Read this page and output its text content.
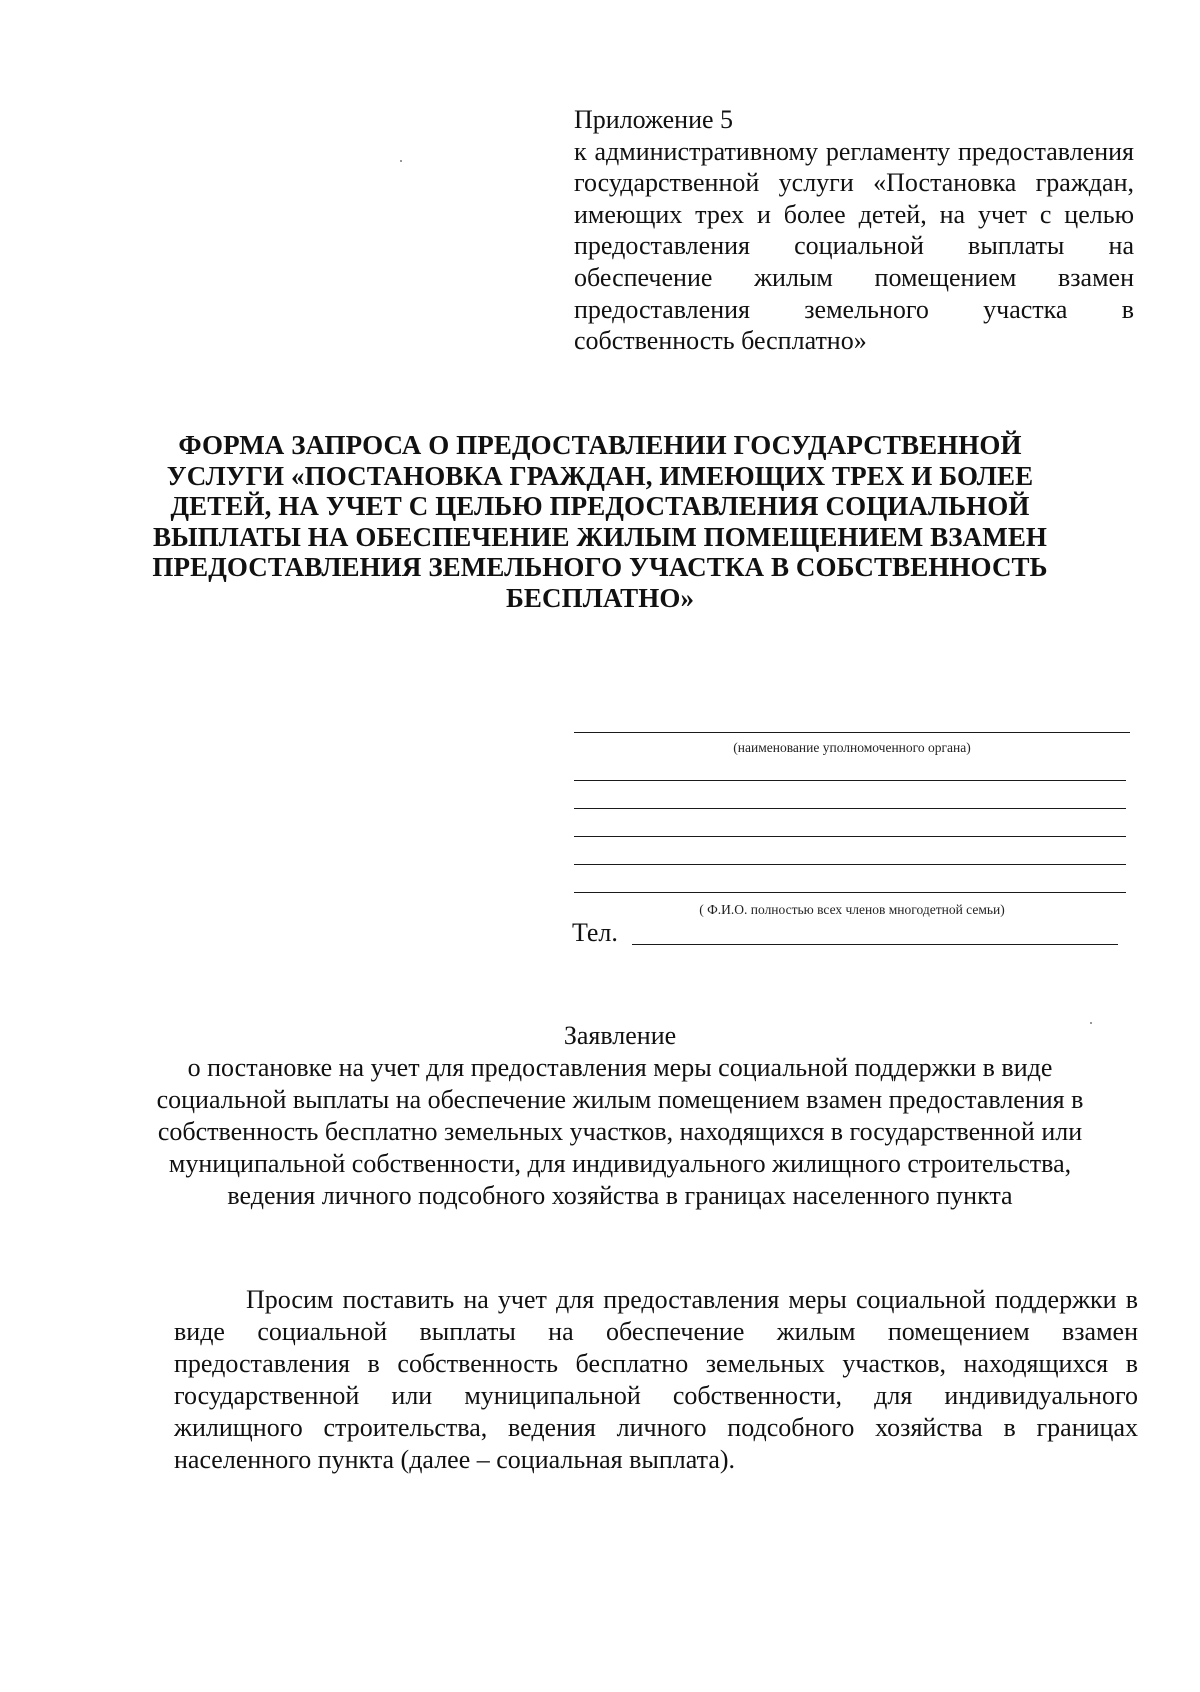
Приложение 5
к административному регламенту предоставления государственной услуги «Постановка граждан, имеющих трех и более детей, на учет с целью предоставления социальной выплаты на обеспечение жилым помещением взамен предоставления земельного участка в собственность бесплатно»
ФОРМА ЗАПРОСА О ПРЕДОСТАВЛЕНИИ ГОСУДАРСТВЕННОЙ УСЛУГИ «ПОСТАНОВКА ГРАЖДАН, ИМЕЮЩИХ ТРЕХ И БОЛЕЕ ДЕТЕЙ, НА УЧЕТ С ЦЕЛЬЮ ПРЕДОСТАВЛЕНИЯ СОЦИАЛЬНОЙ ВЫПЛАТЫ НА ОБЕСПЕЧЕНИЕ ЖИЛЫМ ПОМЕЩЕНИЕМ ВЗАМЕН ПРЕДОСТАВЛЕНИЯ ЗЕМЕЛЬНОГО УЧАСТКА В СОБСТВЕННОСТЬ БЕСПЛАТНО»
(наименование уполномоченного органа)
( Ф.И.О. полностью всех членов многодетной семьи)
Тел.
Заявление
о постановке на учет для предоставления меры социальной поддержки в виде социальной выплаты на обеспечение жилым помещением взамен предоставления в собственность бесплатно земельных участков, находящихся в государственной или муниципальной собственности, для индивидуального жилищного строительства, ведения личного подсобного хозяйства в границах населенного пункта
Просим поставить на учет для предоставления меры социальной поддержки в виде социальной выплаты на обеспечение жилым помещением взамен предоставления в собственность бесплатно земельных участков, находящихся в государственной или муниципальной собственности, для индивидуального жилищного строительства, ведения личного подсобного хозяйства в границах населенного пункта (далее – социальная выплата).
